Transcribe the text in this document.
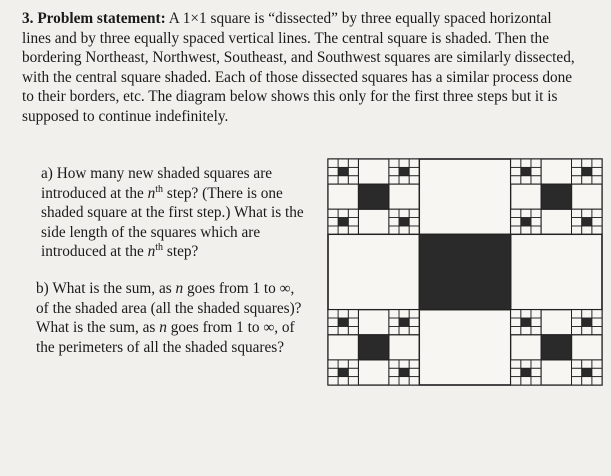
3. Problem statement: A 1×1 square is “dissected” by three equally spaced horizontal lines and by three equally spaced vertical lines. The central square is shaded. Then the bordering Northeast, Northwest, Southeast, and Southwest squares are similarly dissected, with the central square shaded. Each of those dissected squares has a similar process done to their borders, etc. The diagram below shows this only for the first three steps but it is supposed to continue indefinitely.

a) How many new shaded squares are introduced at the $n^{th}$ step? (There is one shaded square at the first step.) What is the side length of the squares which are introduced at the $n^{th}$ step?

b) What is the sum, as n goes from 1 to ∞, of the shaded area (all the shaded squares)? What is the sum, as n goes from 1 to ∞, of the perimeters of all the shaded squares?
